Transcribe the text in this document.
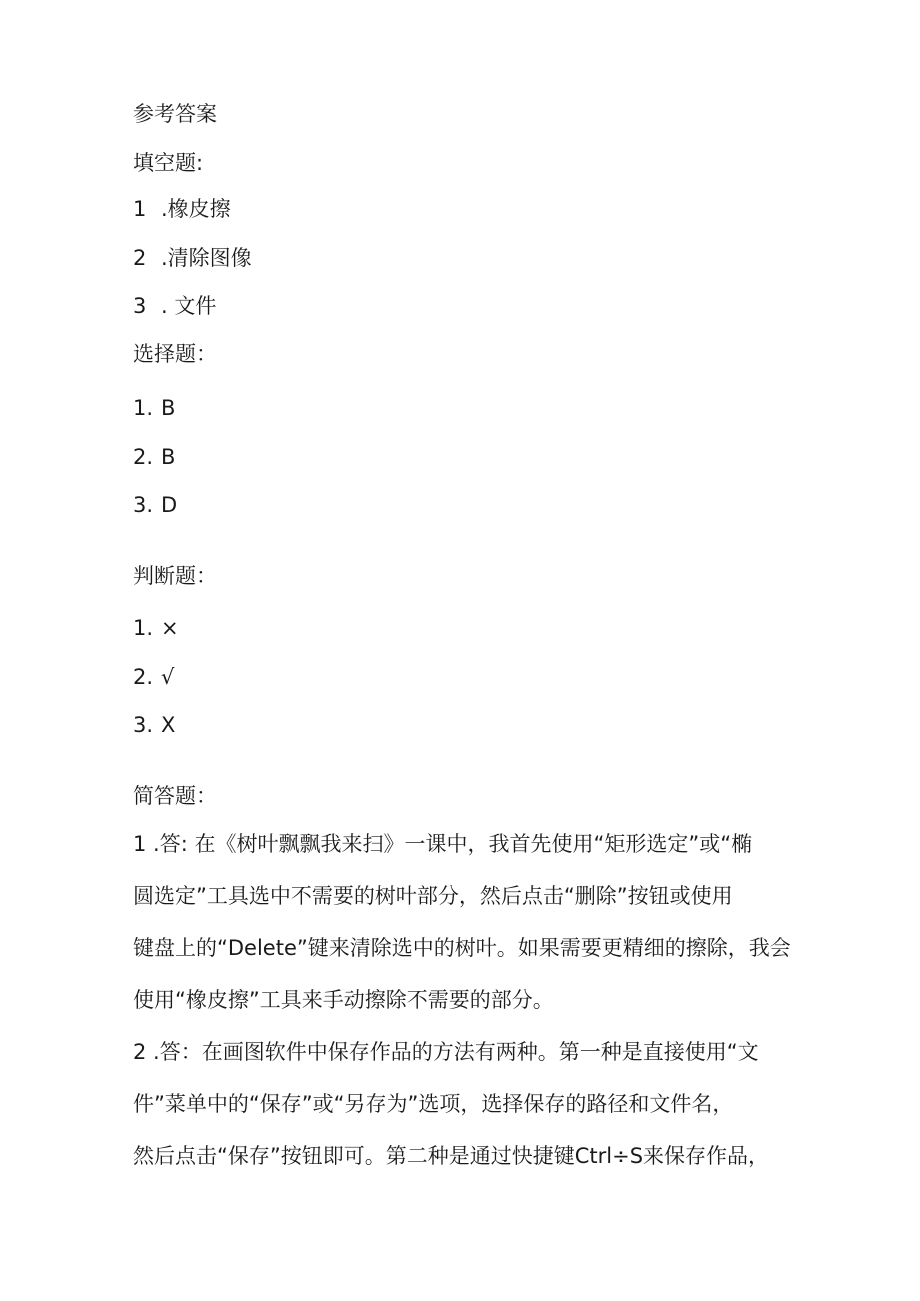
参考答案
填空题:
1 .橡皮擦
2 .清除图像
3 . 文件
选择题：
1. B
2. B
3. D
判断题：
1. ×
2. √
3. X
简答题：
1 .答: 在《树叶飘飘我来扫》一课中，我首先使用“矩形选定”或“椭
圆选定”工具选中不需要的树叶部分，然后点击“删除”按钮或使用
键盘上的“Delete”键来清除选中的树叶。如果需要更精细的擦除，我会
使用“橡皮擦”工具来手动擦除不需要的部分。
2 .答：在画图软件中保存作品的方法有两种。第一种是直接使用“文
件”菜单中的“保存”或“另存为”选项，选择保存的路径和文件名，
然后点击“保存”按钮即可。第二种是通过快捷键Ctrl÷S来保存作品，
